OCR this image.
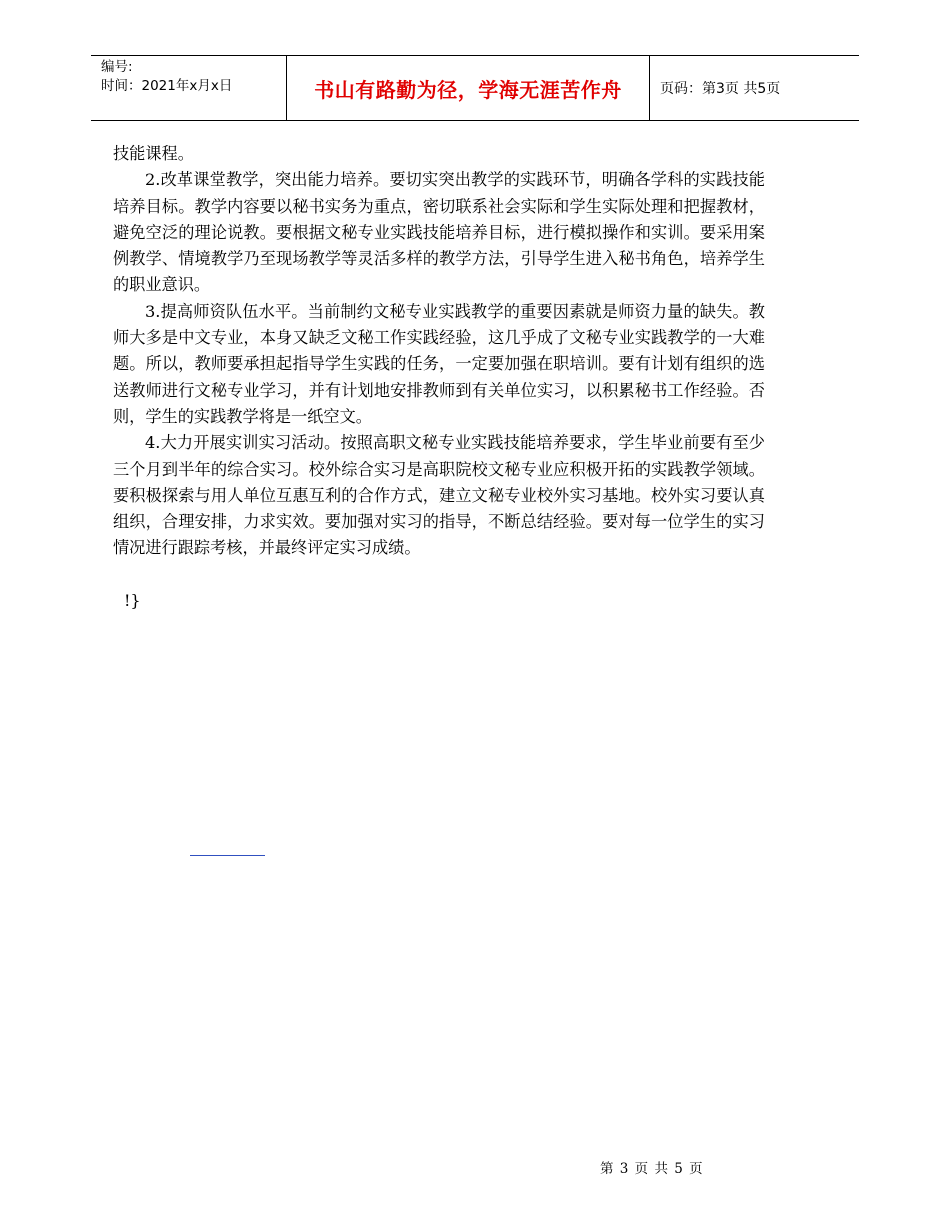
编号:
时间：2021年x月x日	书山有路勤为径，学海无涯苦作舟	页码：第3页 共5页

技能课程。

2.改革课堂教学，突出能力培养。要切实突出教学的实践环节，明确各学科的实践技能培养目标。教学内容要以秘书实务为重点，密切联系社会实际和学生实际处理和把握教材，避免空泛的理论说教。要根据文秘专业实践技能培养目标，进行模拟操作和实训。要采用案例教学、情境教学乃至现场教学等灵活多样的教学方法，引导学生进入秘书角色，培养学生的职业意识。

3.提高师资队伍水平。当前制约文秘专业实践教学的重要因素就是师资力量的缺失。教师大多是中文专业，本身又缺乏文秘工作实践经验，这几乎成了文秘专业实践教学的一大难题。所以，教师要承担起指导学生实践的任务，一定要加强在职培训。要有计划有组织的选送教师进行文秘专业学习，并有计划地安排教师到有关单位实习，以积累秘书工作经验。否则，学生的实践教学将是一纸空文。

4.大力开展实训实习活动。按照高职文秘专业实践技能培养要求，学生毕业前要有至少三个月到半年的综合实习。校外综合实习是高职院校文秘专业应积极开拓的实践教学领域。要积极探索与用人单位互惠互利的合作方式，建立文秘专业校外实习基地。校外实习要认真组织，合理安排，力求实效。要加强对实习的指导，不断总结经验。要对每一位学生的实习情况进行跟踪考核，并最终评定实习成绩。

!}
第 3 页 共 5 页
